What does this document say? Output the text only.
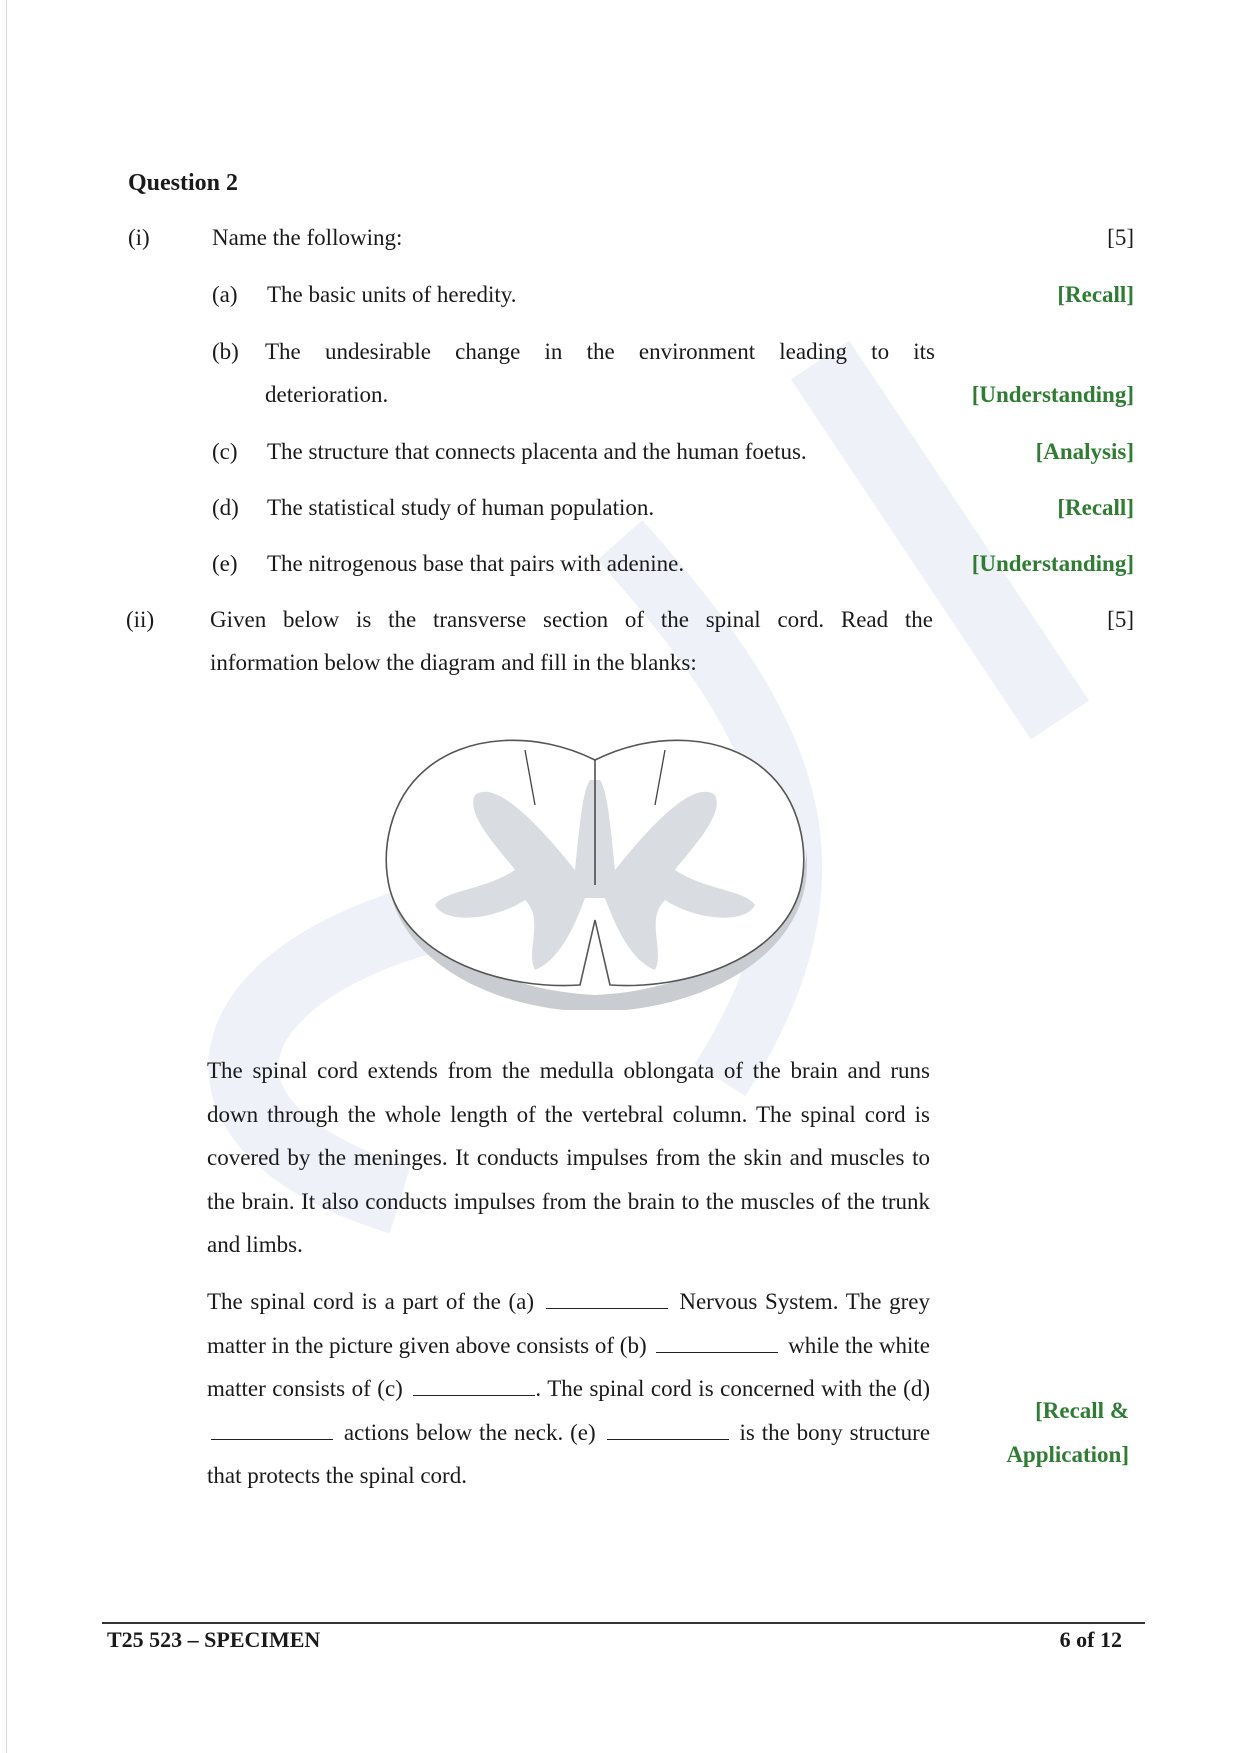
Question 2
(i)	Name the following:	[5]
(a) The basic units of heredity.	[Recall]
(b) The undesirable change in the environment leading to its
deterioration.	[Understanding]
(c) The structure that connects placenta and the human foetus.	[Analysis]
(d) The statistical study of human population.	[Recall]
(e) The nitrogenous base that pairs with adenine.	[Understanding]
(ii) Given below is the transverse section of the spinal cord. Read the
information below the diagram and fill in the blanks:
[5]
The spinal cord extends from the medulla oblongata of the brain and runs down through the whole length of the vertebral column. The spinal cord is covered by the meninges. It conducts impulses from the skin and muscles to the brain. It also conducts impulses from the brain to the muscles of the trunk and limbs.
The spinal cord is a part of the (a)	Nervous System. The grey matter in the picture given above consists of (b)	while the white matter consists of (c)	. The spinal cord is concerned with the (d)  actions below the neck. (e)	is the bony structure that protects the spinal cord.
[Recall &
Application]
T25 523 – SPECIMEN	6 of 12
